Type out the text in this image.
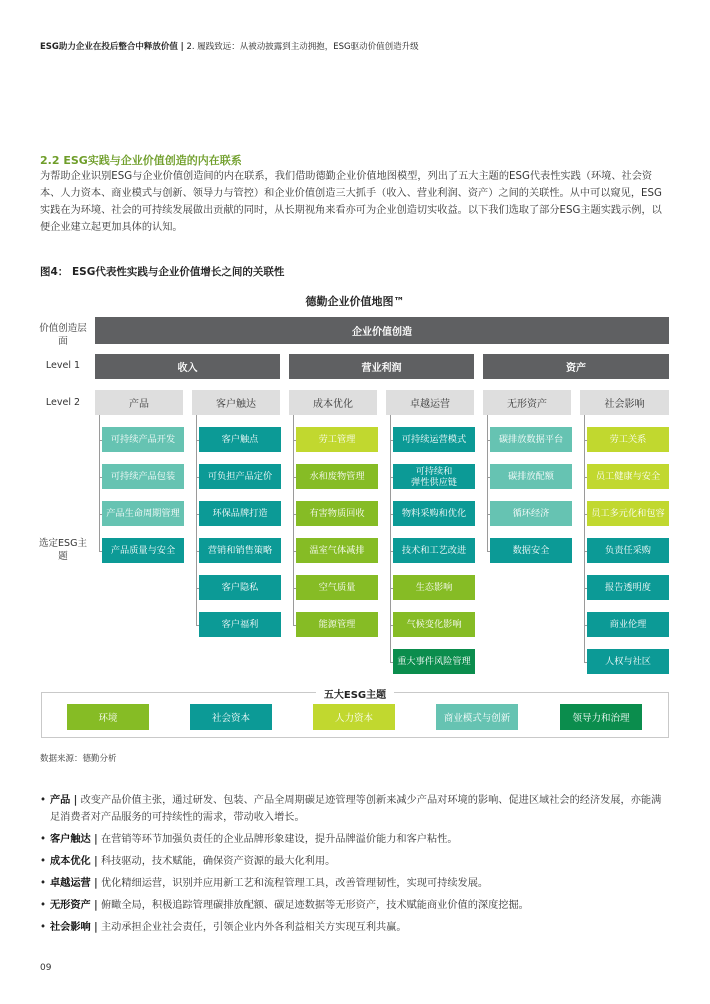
ESG助力企业在投后整合中释放价值 | 2. 履践致远：从被动披露到主动拥抱，ESG驱动价值创造升级
2.2 ESG实践与企业价值创造的内在联系
为帮助企业识别ESG与企业价值创造间的内在联系，我们借助德勤企业价值地图模型，列出了五大主题的ESG代表性实践（环境、社会资本、人力资本、商业模式与创新、领导力与管控）和企业价值创造三大抓手（收入、营业利润、资产）之间的关联性。从中可以窥见，ESG实践在为环境、社会的可持续发展做出贡献的同时，从长期视角来看亦可为企业创造切实收益。以下我们选取了部分ESG主题实践示例，以便企业建立起更加具体的认知。
图4： ESG代表性实践与企业价值增长之间的关联性
德勤企业价值地图™
价值创造层面
Level 1
Level 2
选定ESG主题
企业价值创造
收入	营业利润	资产
产品	客户触达	成本优化	卓越运营	无形资产	社会影响
可持续产品开发
可持续产品包装
产品生命周期管理
产品质量与安全
客户触点
可负担产品定价
环保品牌打造
营销和销售策略
客户隐私
客户福利
劳工管理
水和废物管理
有害物质回收
温室气体减排
空气质量
能源管理
可持续运营模式
可持续和
弹性供应链
物料采购和优化
技术和工艺改进
生态影响
气候变化影响
重大事件风险管理
碳排放数据平台
碳排放配额
循环经济
数据安全
劳工关系
员工健康与安全
员工多元化和包容
负责任采购
报告透明度
商业伦理
人权与社区
五大ESG主题
环境	社会资本	人力资本	商业模式与创新	领导力和治理
数据来源：德勤分析
• 产品 | 改变产品价值主张，通过研发、包装、产品全周期碳足迹管理等创新来减少产品对环境的影响、促进区域社会的经济发展，亦能满足消费者对产品服务的可持续性的需求，带动收入增长。
• 客户触达 | 在营销等环节加强负责任的企业品牌形象建设，提升品牌溢价能力和客户粘性。
• 成本优化 | 科技驱动，技术赋能，确保资产资源的最大化利用。
• 卓越运营 | 优化精细运营，识别并应用新工艺和流程管理工具，改善管理韧性，实现可持续发展。
• 无形资产 | 俯瞰全局，积极追踪管理碳排放配额、碳足迹数据等无形资产，技术赋能商业价值的深度挖掘。
• 社会影响 | 主动承担企业社会责任，引领企业内外各利益相关方实现互利共赢。
09
